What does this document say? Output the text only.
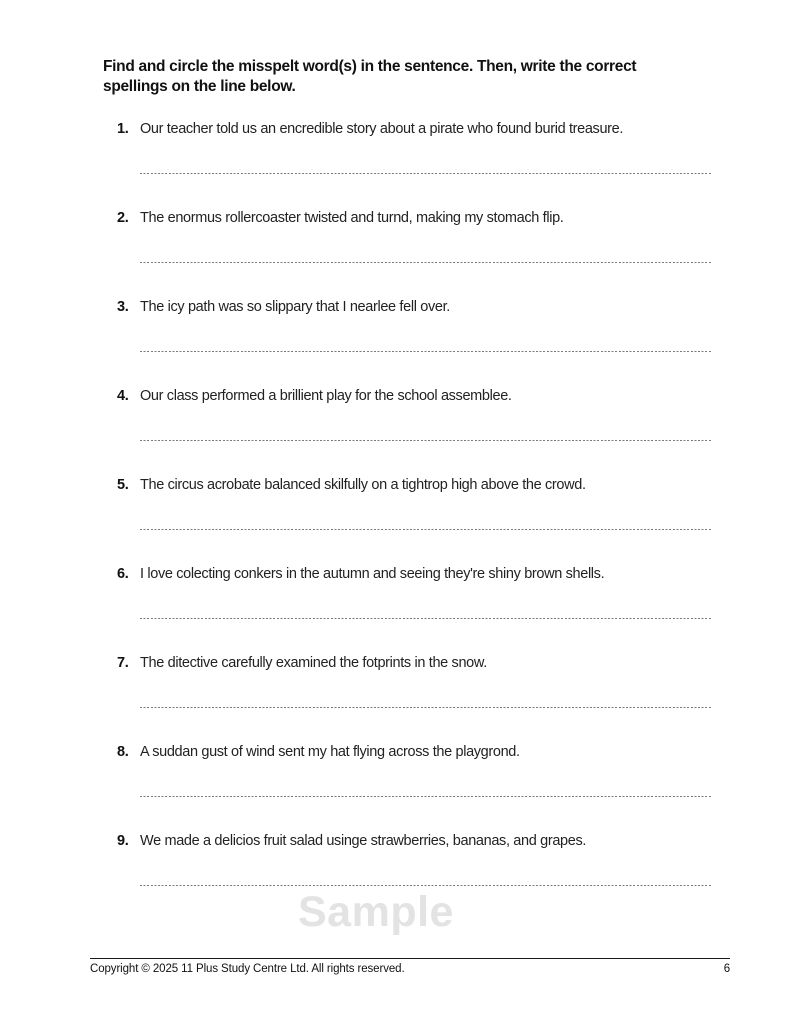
Find and circle the misspelt word(s) in the sentence. Then, write the correct
spellings on the line below.
1. Our teacher told us an encredible story about a pirate who found burid treasure.
2. The enormus rollercoaster twisted and turnd, making my stomach flip.
3. The icy path was so slippary that I nearlee fell over.
4. Our class performed a brillient play for the school assemblee.
5. The circus acrobate balanced skilfully on a tightrop high above the crowd.
6. I love colecting conkers in the autumn and seeing they're shiny brown shells.
7. The ditective carefully examined the fotprints in the snow.
8. A suddan gust of wind sent my hat flying across the playgrond.
9. We made a delicios fruit salad usinge strawberries, bananas, and grapes.
Sample
Copyright © 2025 11 Plus Study Centre Ltd. All rights reserved.	6
